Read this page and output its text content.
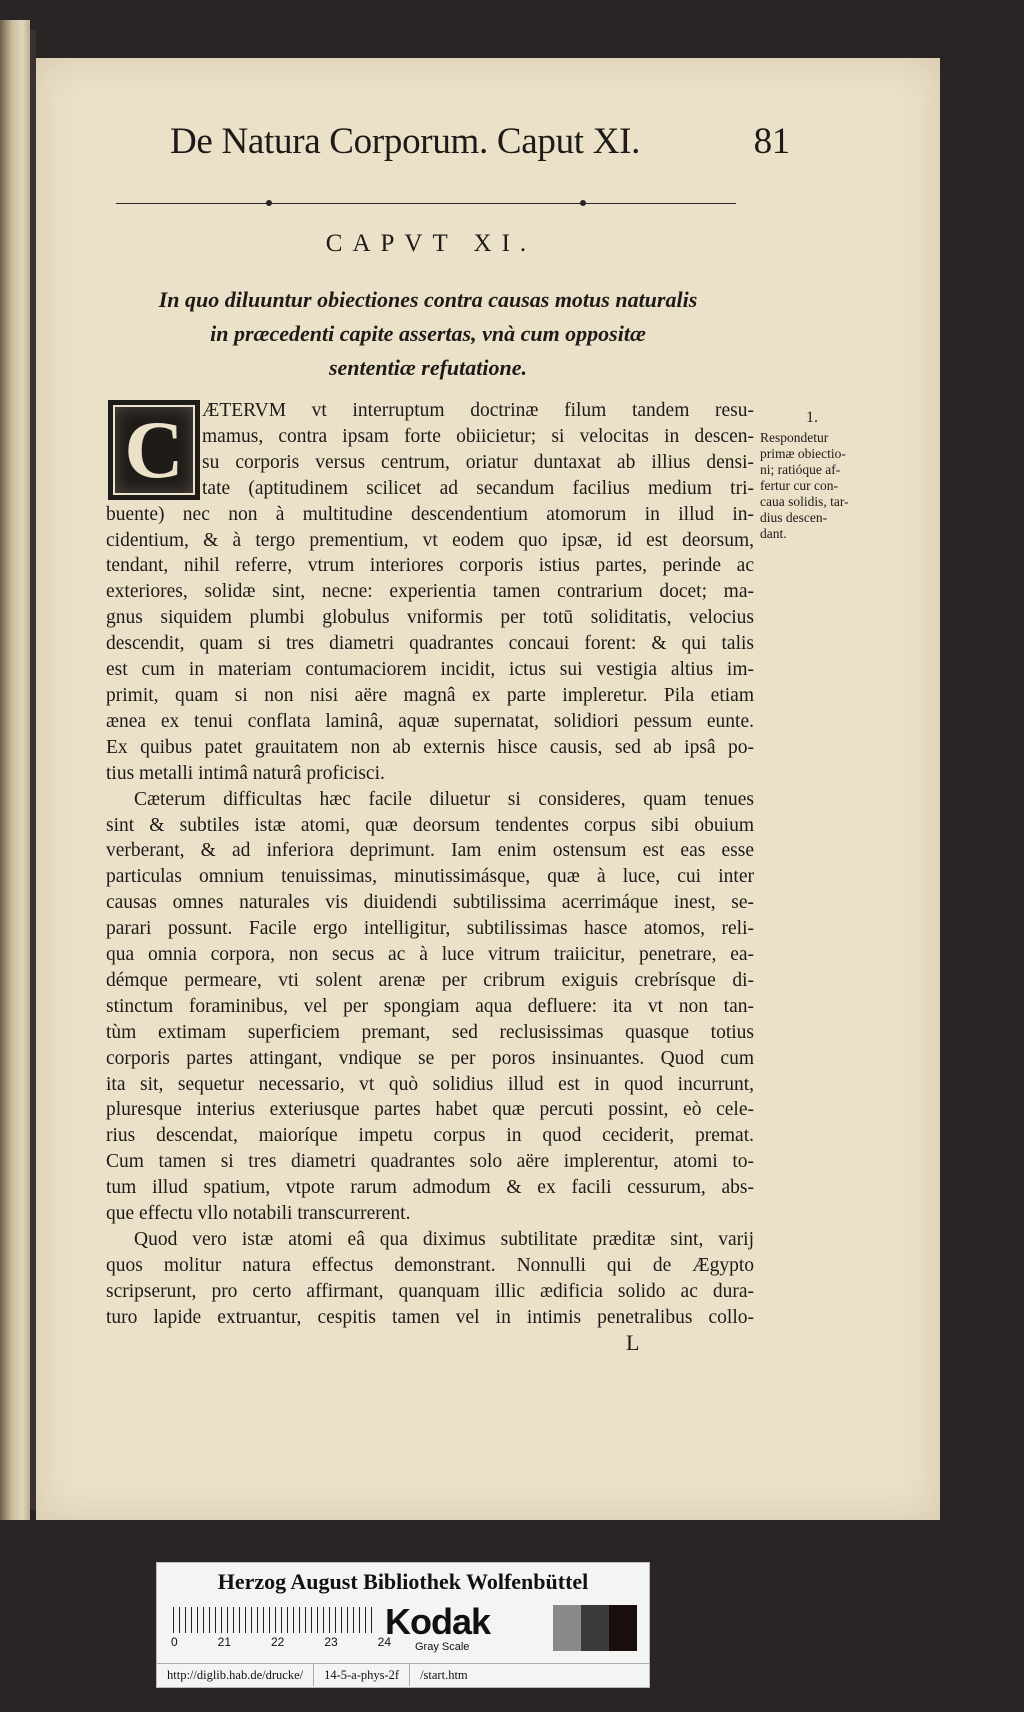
De Natura Corporum. Caput XI.	81
CAPVT XI.
In quo diluuntur obiectiones contra causas motus naturalis
in præcedenti capite assertas, vnà cum oppositæ
sententiæ refutatione.
C ÆTERVM vt interruptum doctrinæ filum tandem resu-
mamus, contra ipsam forte obiicietur; si velocitas in descen-
su corporis versus centrum, oriatur duntaxat ab illius densi-
tate (aptitudinem scilicet ad secandum facilius medium tri-
buente) nec non à multitudine descendentium atomorum in illud in-
cidentium, & à tergo prementium, vt eodem quo ipsæ, id est deorsum,
tendant, nihil referre, vtrum interiores corporis istius partes, perinde ac
exteriores, solidæ sint, necne: experientia tamen contrarium docet; ma-
gnus siquidem plumbi globulus vniformis per totū soliditatis, velocius
descendit, quam si tres diametri quadrantes concaui forent: & qui talis
est cum in materiam contumaciorem incidit, ictus sui vestigia altius im-
primit, quam si non nisi aëre magnâ ex parte impleretur. Pila etiam
ænea ex tenui conflata laminâ, aquæ supernatat, solidiori pessum eunte.
Ex quibus patet grauitatem non ab externis hisce causis, sed ab ipsâ po-
tius metalli intimâ naturâ proficisci.
Cæterum difficultas hæc facile diluetur si consideres, quam tenues
sint & subtiles istæ atomi, quæ deorsum tendentes corpus sibi obuium
verberant, & ad inferiora deprimunt. Iam enim ostensum est eas esse
particulas omnium tenuissimas, minutissimásque, quæ à luce, cui inter
causas omnes naturales vis diuidendi subtilissima acerrimáque inest, se-
parari possunt. Facile ergo intelligitur, subtilissimas hasce atomos, reli-
qua omnia corpora, non secus ac à luce vitrum traiicitur, penetrare, ea-
démque permeare, vti solent arenæ per cribrum exiguis crebrísque di-
stinctum foraminibus, vel per spongiam aqua defluere: ita vt non tan-
tùm extimam superficiem premant, sed reclusissimas quasque totius
corporis partes attingant, vndique se per poros insinuantes. Quod cum
ita sit, sequetur necessario, vt quò solidius illud est in quod incurrunt,
pluresque interius exteriusque partes habet quæ percuti possint, eò cele-
rius descendat, maioríque impetu corpus in quod ceciderit, premat.
Cum tamen si tres diametri quadrantes solo aëre implerentur, atomi to-
tum illud spatium, vtpote rarum admodum & ex facili cessurum, abs-
que effectu vllo notabili transcurrerent.
Quod vero istæ atomi eâ qua diximus subtilitate præditæ sint, varij
quos molitur natura effectus demonstrant. Nonnulli qui de Ægypto
scripserunt, pro certo affirmant, quanquam illic ædificia solido ac dura-
turo lapide extruantur, cespitis tamen vel in intimis penetralibus collo-
1.
Respondetur
primæ obiectio-
ni; ratióque af-
fertur cur con-
caua solidis, tar-
dius descen-
dant.
L
Herzog August Bibliothek Wolfenbüttel
0	21	22	23	24
Kodak
Gray Scale
http://diglib.hab.de/drucke/	14-5-a-phys-2f	/start.htm
